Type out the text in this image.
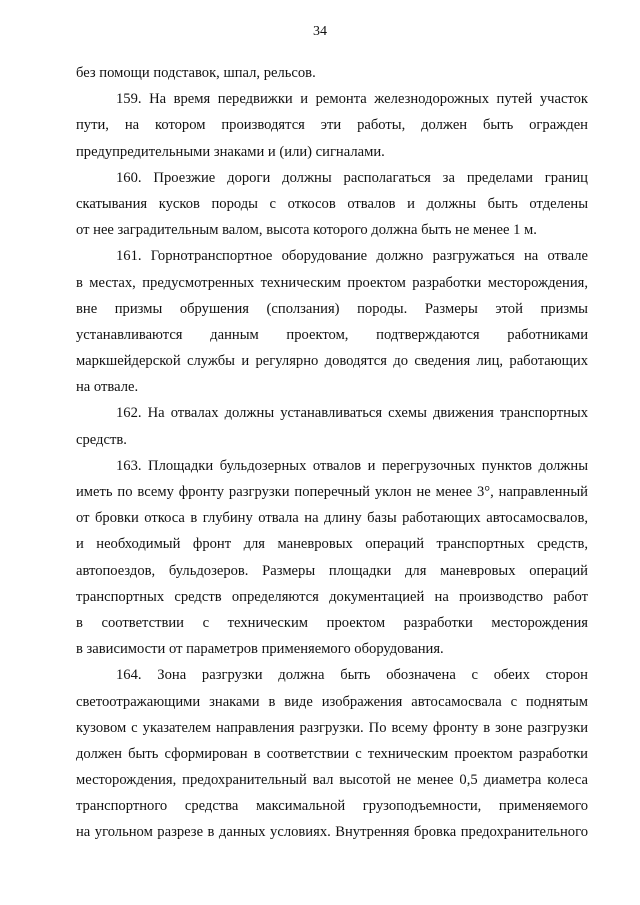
34
без помощи подставок, шпал, рельсов.
159. На время передвижки и ремонта железнодорожных путей участок
пути, на котором производятся эти работы, должен быть огражден
предупредительными знаками и (или) сигналами.
160. Проезжие дороги должны располагаться за пределами границ
скатывания кусков породы с откосов отвалов и должны быть отделены
от нее заградительным валом, высота которого должна быть не менее 1 м.
161. Горнотранспортное оборудование должно разгружаться на отвале
в местах, предусмотренных техническим проектом разработки месторождения,
вне призмы обрушения (сползания) породы. Размеры этой призмы
устанавливаются данным проектом, подтверждаются работниками
маркшейдерской службы и регулярно доводятся до сведения лиц, работающих
на отвале.
162. На отвалах должны устанавливаться схемы движения транспортных
средств.
163. Площадки бульдозерных отвалов и перегрузочных пунктов должны
иметь по всему фронту разгрузки поперечный уклон не менее 3°, направленный
от бровки откоса в глубину отвала на длину базы работающих автосамосвалов,
и необходимый фронт для маневровых операций транспортных средств,
автопоездов, бульдозеров. Размеры площадки для маневровых операций
транспортных средств определяются документацией на производство работ
в соответствии с техническим проектом разработки месторождения
в зависимости от параметров применяемого оборудования.
164. Зона разгрузки должна быть обозначена с обеих сторон
светоотражающими знаками в виде изображения автосамосвала с поднятым
кузовом с указателем направления разгрузки. По всему фронту в зоне разгрузки
должен быть сформирован в соответствии с техническим проектом разработки
месторождения, предохранительный вал высотой не менее 0,5 диаметра колеса
транспортного средства максимальной грузоподъемности, применяемого
на угольном разрезе в данных условиях. Внутренняя бровка предохранительного
